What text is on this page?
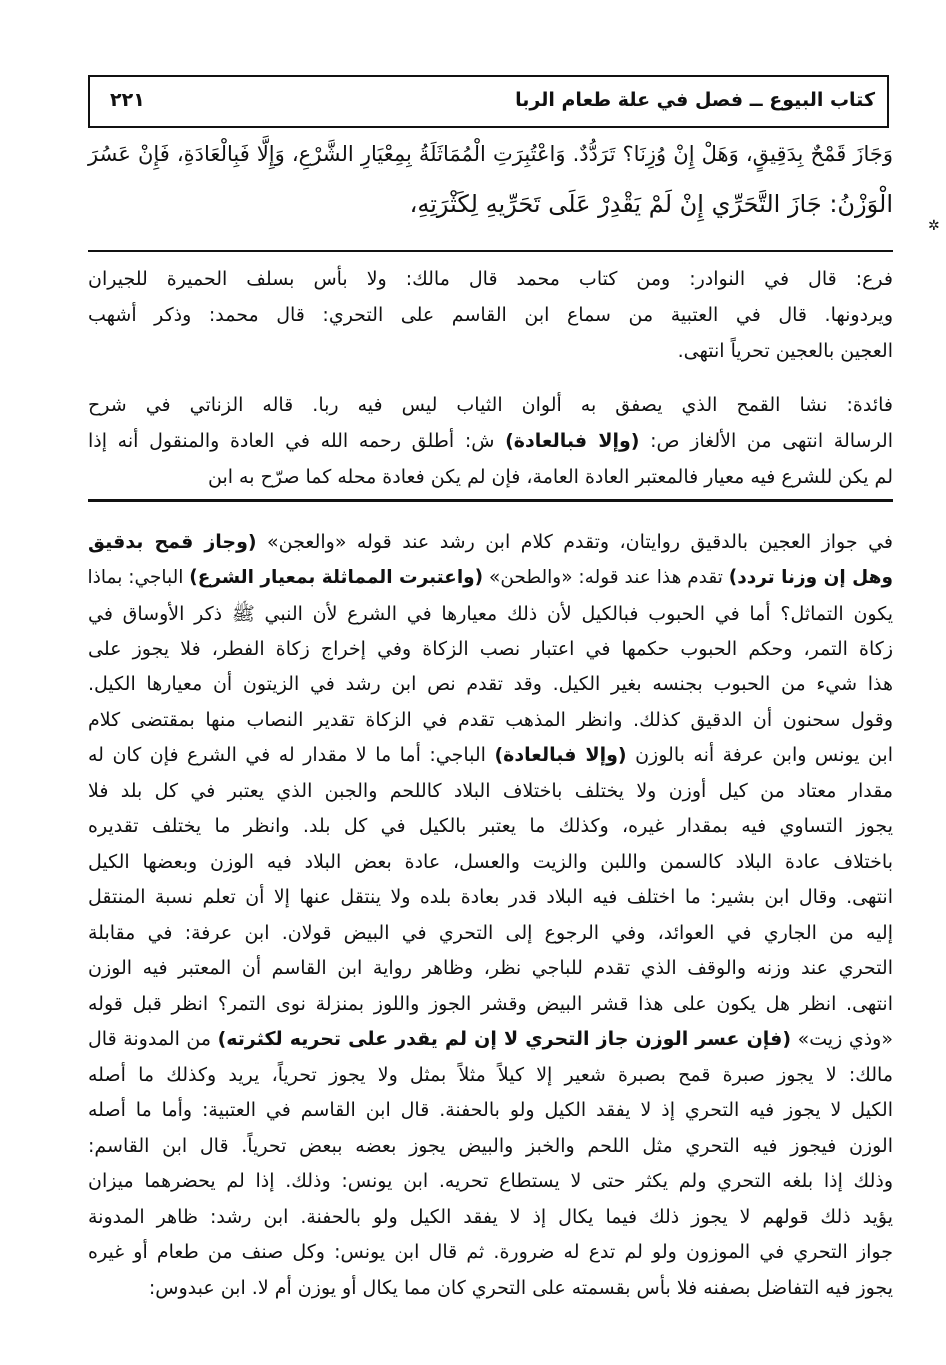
كتاب البيوع ــ فصل في علة طعام الربا
٢٢١
وَجَازَ قَمْحٌ بِدَقِيقٍ، وَهَلْ إِنْ وُزِنَا؟ تَرَدُّدٌ. وَاعْتُبِرَتِ الْمُمَاثَلَةُ بِمِعْيَارِ الشَّرْعِ، وَإِلَّا فَبِالْعَادَةِ، فَإِنْ عَسُرَ
الْوَزْنُ: جَازَ التَّحَرِّي إِنْ لَمْ يَقْدِرْ عَلَى تَحَرِّيهِ لِكَثْرَتِهِ،
فرع: قال في النوادر: ومن كتاب محمد قال مالك: ولا بأس بسلف الحميرة للجيران
ويردونها. قال في العتبية من سماع ابن القاسم على التحري: قال محمد: وذكر أشهب
العجين بالعجين تحرياً انتهى.
فائدة: نشا القمح الذي يصفق به ألوان الثياب ليس فيه ربا. قاله الزناتي في شرح
الرسالة انتهى من الألغاز ص: (وإلا فبالعادة) ش: أطلق رحمه الله في العادة والمنقول أنه إذا
لم يكن للشرع فيه معيار فالمعتبر العادة العامة، فإن لم يكن فعادة محله كما صرّح به ابن
في جواز العجين بالدقيق روايتان، وتقدم كلام ابن رشد عند قوله «والعجن» (وجاز قمح بدقيق
وهل إن وزنا تردد) تقدم هذا عند قوله: «والطحن» (واعتبرت المماثلة بمعيار الشرع) الباجي: بماذا
يكون التماثل؟ أما في الحبوب فبالكيل لأن ذلك معيارها في الشرع لأن النبي ﷺ ذكر الأوساق في
زكاة التمر، وحكم الحبوب حكمها في اعتبار نصب الزكاة وفي إخراج زكاة الفطر، فلا يجوز على
هذا شيء من الحبوب بجنسه بغير الكيل. وقد تقدم نص ابن رشد في الزيتون أن معيارها الكيل.
وقول سحنون أن الدقيق كذلك. وانظر المذهب تقدم في الزكاة تقدير النصاب منها بمقتضى كلام
ابن يونس وابن عرفة أنه بالوزن (وإلا فبالعادة) الباجي: أما ما لا مقدار له في الشرع فإن كان له
مقدار معتاد من كيل أوزن ولا يختلف باختلاف البلاد كاللحم والجبن الذي يعتبر في كل بلد فلا
يجوز التساوي فيه بمقدار غيره، وكذلك ما يعتبر بالكيل في كل بلد. وانظر ما يختلف تقديره
باختلاف عادة البلاد كالسمن واللبن والزيت والعسل، عادة بعض البلاد فيه الوزن وبعضها الكيل
انتهى. وقال ابن بشير: ما اختلف فيه البلاد قدر بعادة بلده ولا ينتقل عنها إلا أن تعلم نسبة المنتقل
إليه من الجاري في العوائد، وفي الرجوع إلى التحري في البيض قولان. ابن عرفة: في مقابلة
التحري عند وزنه والوقف الذي تقدم للباجي نظر، وظاهر رواية ابن القاسم أن المعتبر فيه الوزن
انتهى. انظر هل يكون على هذا قشر البيض وقشر الجوز واللوز بمنزلة نوى التمر؟ انظر قبل قوله
«وذي زيت» (فإن عسر الوزن جاز التحري لا إن لم يقدر على تحريه لكثرته) من المدونة قال
مالك: لا يجوز صبرة قمح بصبرة شعير إلا كيلاً مثلاً بمثل ولا يجوز تحرياً، يريد وكذلك ما أصله
الكيل لا يجوز فيه التحري إذ لا يفقد الكيل ولو بالحفنة. قال ابن القاسم في العتبية: وأما ما أصله
الوزن فيجوز فيه التحري مثل اللحم والخبز والبيض يجوز بعضه ببعض تحرياً. قال ابن القاسم:
وذلك إذا بلغه التحري ولم يكثر حتى لا يستطاع تحريه. ابن يونس: وذلك. إذا لم يحضرهما ميزان
يؤيد ذلك قولهم لا يجوز ذلك فيما يكال إذ لا يفقد الكيل ولو بالحفنة. ابن رشد: ظاهر المدونة
جواز التحري في الموزون ولو لم تدع له ضرورة. ثم قال ابن يونس: وكل صنف من طعام أو غيره
يجوز فيه التفاضل بصفنه فلا بأس بقسمته على التحري كان مما يكال أو يوزن أم لا. ابن عبدوس:
✲
